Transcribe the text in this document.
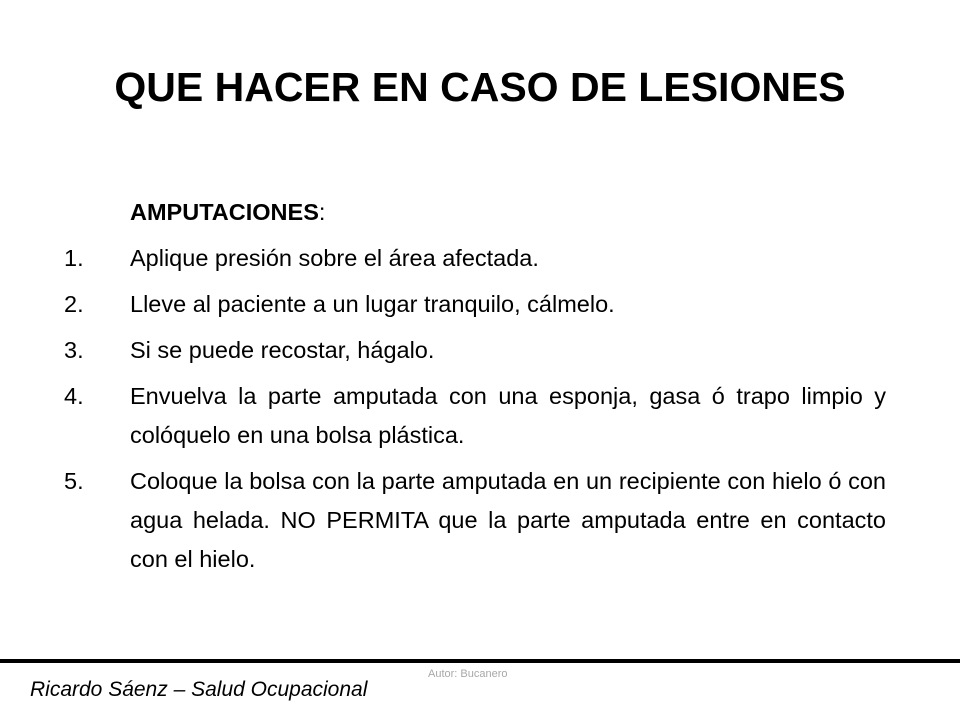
QUE HACER EN CASO DE LESIONES
AMPUTACIONES:
1.	Aplique presión sobre el área afectada.
2.	Lleve al paciente a un lugar tranquilo, cálmelo.
3.	Si se puede recostar, hágalo.
4.	Envuelva la parte amputada con una esponja, gasa ó trapo limpio y colóquelo en una bolsa plástica.
5.	Coloque la bolsa con la parte amputada en un recipiente con hielo ó con agua helada. NO PERMITA que la parte amputada entre en contacto con el hielo.
Autor: Bucanero
Ricardo Sáenz – Salud Ocupacional
